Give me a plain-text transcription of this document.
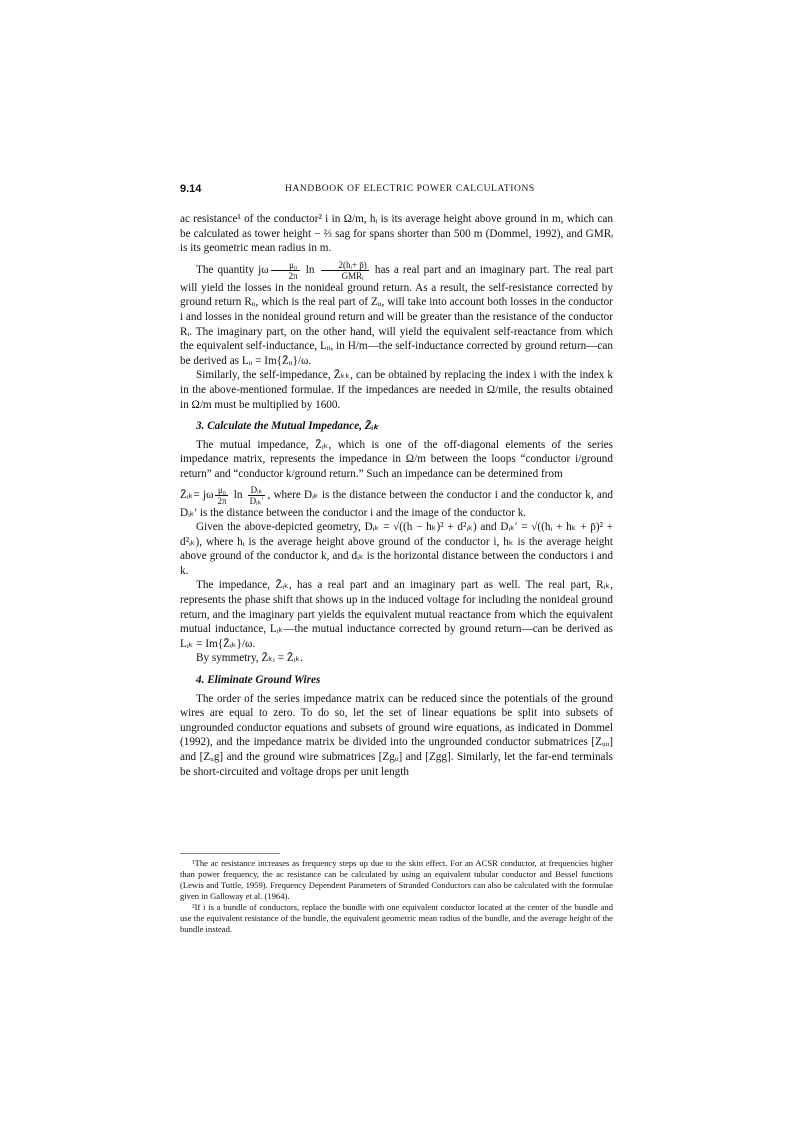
9.14	HANDBOOK OF ELECTRIC POWER CALCULATIONS

ac resistance¹ of the conductor² i in Ω/m, hᵢ is its average height above ground in m, which can be calculated as tower height − ⅔ sag for spans shorter than 500 m (Dommel, 1992), and GMRᵢ is its geometric mean radius in m.

The quantity jω $\frac{\text{μ₀}}{2\pi}$ $\ln \frac{\text{2(hᵢ+ p̄)}}{\text{GMRᵢ}}$ has a real part and an imaginary part. The real part will yield the losses in the nonideal ground return. As a result, the self-resistance corrected by ground return Rᵢᵢ, which is the real part of Zᵢᵢ, will take into account both losses in the conductor i and losses in the nonideal ground return and will be greater than the resistance of the conductor Rᵢ. The imaginary part, on the other hand, will yield the equivalent self-reactance from which the equivalent self-inductance, Lᵢᵢ, in H/m—the self-inductance corrected by ground return—can be derived as Lᵢᵢ = Im{Z̄ᵢᵢ}/ω.

Similarly, the self-impedance, Z̄ₖₖ, can be obtained by replacing the index i with the index k in the above-mentioned formulae. If the impedances are needed in Ω/mile, the results obtained in Ω/m must be multiplied by 1600.

3. Calculate the Mutual Impedance, Z̄ᵢₖ

The mutual impedance, Z̄ᵢₖ, which is one of the off-diagonal elements of the series impedance matrix, represents the impedance in Ω/m between the loops “conductor i/ground return” and “conductor k/ground return.” Such an impedance can be determined from

Z̄ᵢₖ= jω $\frac{\text{μ₀}}{2\pi}$ $\ln \frac{\text{Dᵢₖ}}{\text{Dᵢₖ′}}$ , where Dᵢₖ is the distance between the conductor i and the conductor k, and Dᵢₖ′ is the distance between the conductor i and the image of the conductor k.

Given the above-depicted geometry, Dᵢₖ = √((h − hₖ)² + d²ᵢₖ) and Dᵢₖ′ = √((hᵢ + hₖ + p̄)² + d²ᵢₖ), where hᵢ is the average height above ground of the conductor i, hₖ is the average height above ground of the conductor k, and dᵢₖ is the horizontal distance between the conductors i and k.

The impedance, Z̄ᵢₖ, has a real part and an imaginary part as well. The real part, Rᵢₖ, represents the phase shift that shows up in the induced voltage for including the nonideal ground return, and the imaginary part yields the equivalent mutual reactance from which the equivalent mutual inductance, Lᵢₖ—the mutual inductance corrected by ground return—can be derived as Lᵢₖ = Im{Z̄ᵢₖ}/ω.

By symmetry, Z̄ₖᵢ = Z̄ᵢₖ.

4. Eliminate Ground Wires

The order of the series impedance matrix can be reduced since the potentials of the ground wires are equal to zero. To do so, let the set of linear equations be split into subsets of ungrounded conductor equations and subsets of ground wire equations, as indicated in Dommel (1992), and the impedance matrix be divided into the ungrounded conductor submatrices [Zᵤᵤ] and [Zᵤg] and the ground wire submatrices [Zgᵤ] and [Zgg]. Similarly, let the far-end terminals be short-circuited and voltage drops per unit length

¹The ac resistance increases as frequency steps up due to the skin effect. For an ACSR conductor, at frequencies higher than power frequency, the ac resistance can be calculated by using an equivalent tubular conductor and Bessel functions (Lewis and Tuttle, 1959). Frequency Dependent Parameters of Stranded Conductors can also be calculated with the formulae given in Galloway et al. (1964).

²If i is a bundle of conductors, replace the bundle with one equivalent conductor located at the center of the bundle and use the equivalent resistance of the bundle, the equivalent geometric mean radius of the bundle, and the average height of the bundle instead.
